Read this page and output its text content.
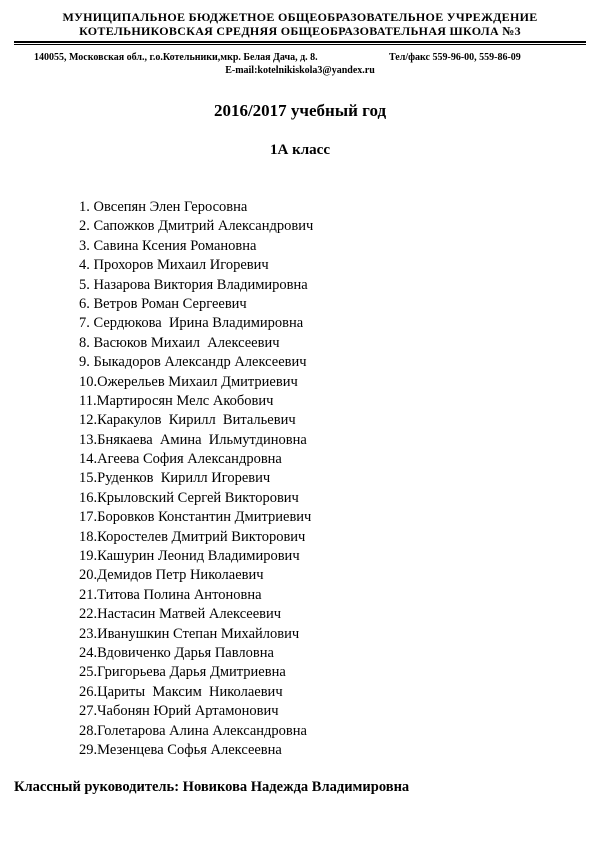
МУНИЦИПАЛЬНОЕ БЮДЖЕТНОЕ ОБЩЕОБРАЗОВАТЕЛЬНОЕ УЧРЕЖДЕНИЕ
КОТЕЛЬНИКОВСКАЯ СРЕДНЯЯ ОБЩЕОБРАЗОВАТЕЛЬНАЯ ШКОЛА №3
140055, Московская обл., г.о.Котельники,мкр. Белая Дача, д. 8.	Тел/факс 559-96-00, 559-86-09
E-mail:kotelnikiskola3@yandex.ru
2016/2017 учебный год
1А класс
1. Овсепян Элен Геросовна
2. Сапожков Дмитрий Александрович
3. Савина Ксения Романовна
4. Прохоров Михаил Игоревич
5. Назарова Виктория Владимировна
6. Ветров Роман Сергеевич
7. Сердюкова  Ирина Владимировна
8. Васюков Михаил  Алексеевич
9. Быкадоров Александр Алексеевич
10. Ожерельев Михаил Дмитриевич
11. Мартиросян Мелс Акобович
12. Каракулов  Кирилл  Витальевич
13. Бнякаева  Амина  Ильмутдиновна
14. Агеева София Александровна
15. Руденков  Кирилл Игоревич
16. Крыловский Сергей Викторович
17. Боровков Константин Дмитриевич
18. Коростелев Дмитрий Викторович
19. Кашурин Леонид Владимирович
20. Демидов Петр Николаевич
21. Титова Полина Антоновна
22. Настасин Матвей Алексеевич
23. Иванушкин Степан Михайлович
24. Вдовиченко Дарья Павловна
25. Григорьева Дарья Дмитриевна
26. Цариты  Максим  Николаевич
27. Чабонян Юрий Артамонович
28. Голетарова Алина Александровна
29. Мезенцева Софья Алексеевна
Классный руководитель: Новикова Надежда Владимировна
